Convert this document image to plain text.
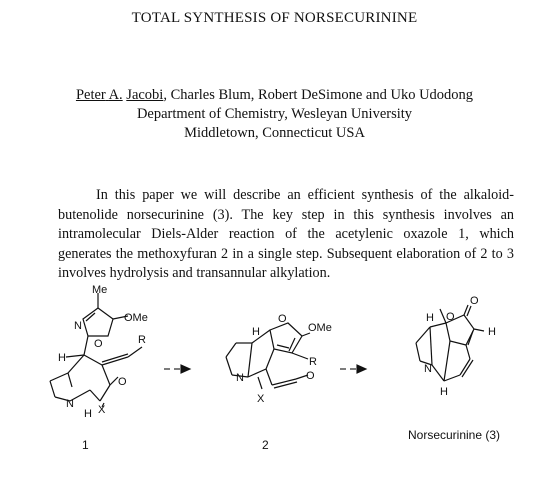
TOTAL SYNTHESIS OF NORSECURININE
Peter A. Jacobi, Charles Blum, Robert DeSimone and Uko Udodong
Department of Chemistry, Wesleyan University
Middletown, Connecticut USA
In this paper we will describe an efficient synthesis of the alkaloid-butenolide norsecurinine (3). The key step in this synthesis involves an intramolecular Diels-Alder reaction of the acetylenic oxazole 1, which generates the methoxyfuran 2 in a single step. Subsequent elaboration of 2 to 3 involves hydrolysis and transannular alkylation.
Me
N
O
OMe
H
R
O
N
H X
H
O
OMe
R
N	O
X
O
O
H
H
N
H
1	2
Norsecurinine (3)
